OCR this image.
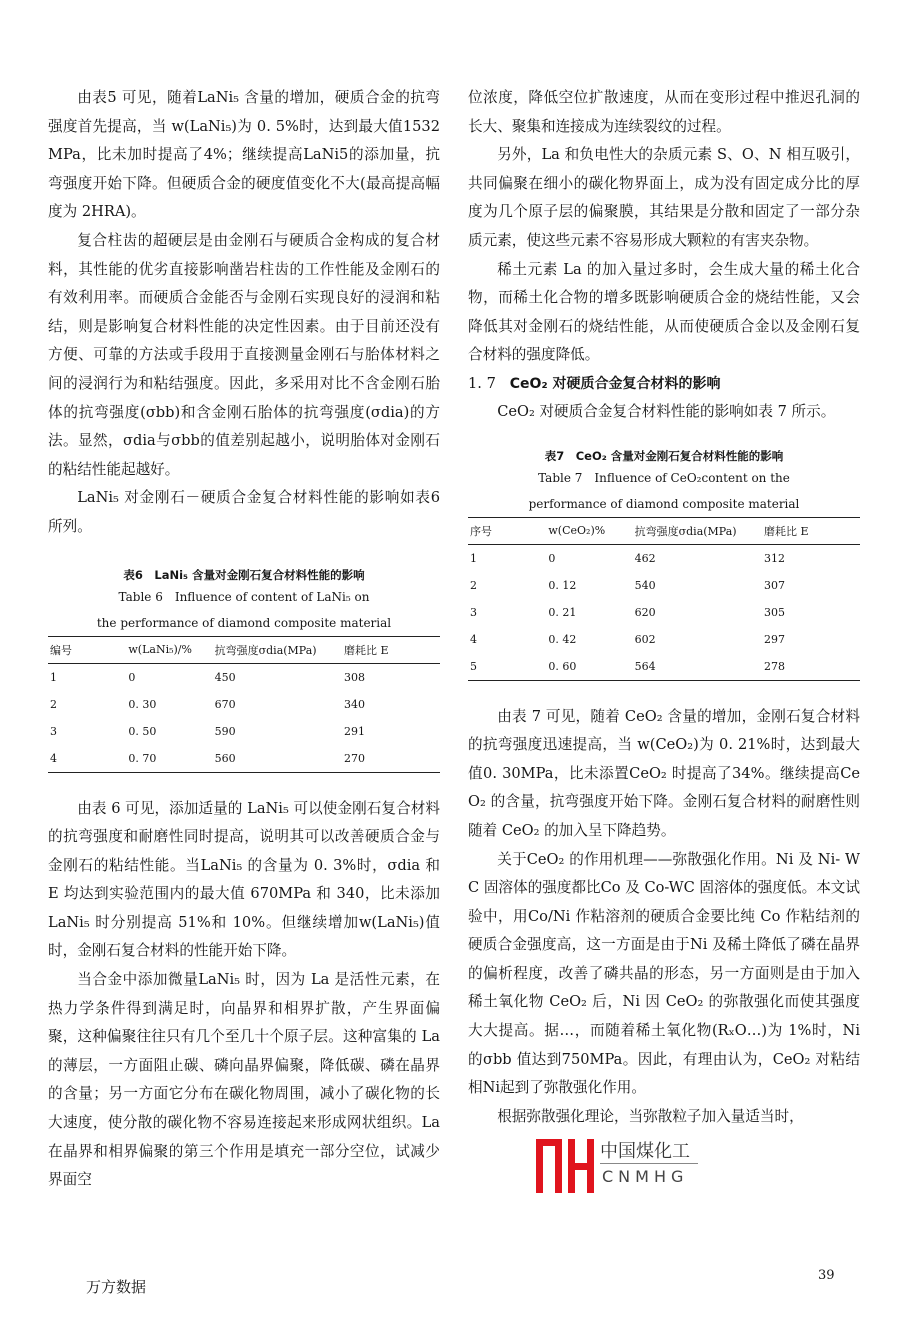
由表5 可见，随着LaNi₅ 含量的增加，硬质合金的抗弯强度首先提高，当 w(LaNi₅)为 0. 5%时，达到最大值1532MPa，比未加时提高了4%；继续提高LaNi5的添加量，抗弯强度开始下降。但硬质合金的硬度值变化不大(最高提高幅度为 2HRA)。

复合柱齿的超硬层是由金刚石与硬质合金构成的复合材料，其性能的优劣直接影响凿岩柱齿的工作性能及金刚石的有效利用率。而硬质合金能否与金刚石实现良好的浸润和粘结，则是影响复合材料性能的决定性因素。由于目前还没有方便、可靠的方法或手段用于直接测量金刚石与胎体材料之间的浸润行为和粘结强度。因此，多采用对比不含金刚石胎体的抗弯强度(σbb)和含金刚石胎体的抗弯强度(σdia)的方法。显然，σdia与σbb的值差别起越小，说明胎体对金刚石的粘结性能起越好。

LaNi₅ 对金刚石－硬质合金复合材料性能的影响如表6 所列。

表6　LaNi₅ 含量对金刚石复合材料性能的影响

Table 6　Influence of content of LaNi₅ on

the performance of diamond composite material

编号	w(LaNi₅)/%	抗弯强度σdia(MPa)	磨耗比 E
1	0	450	308
2	0. 30	670	340
3	0. 50	590	291
4	0. 70	560	270

由表 6 可见，添加适量的 LaNi₅ 可以使金刚石复合材料的抗弯强度和耐磨性同时提高，说明其可以改善硬质合金与金刚石的粘结性能。当LaNi₅ 的含量为 0. 3%时，σdia 和 E 均达到实验范围内的最大值 670MPa 和 340，比未添加 LaNi₅ 时分别提高 51%和 10%。但继续增加w(LaNi₅)值时，金刚石复合材料的性能开始下降。

当合金中添加微量LaNi₅ 时，因为 La 是活性元素，在热力学条件得到满足时，向晶界和相界扩散，产生界面偏聚，这种偏聚往往只有几个至几十个原子层。这种富集的 La 的薄层，一方面阻止碳、磷向晶界偏聚，降低碳、磷在晶界的含量；另一方面它分布在碳化物周围，减小了碳化物的长大速度，使分散的碳化物不容易连接起来形成网状组织。La 在晶界和相界偏聚的第三个作用是填充一部分空位，试减少界面空

位浓度，降低空位扩散速度，从而在变形过程中推迟孔洞的长大、聚集和连接成为连续裂纹的过程。

另外，La 和负电性大的杂质元素 S、O、N 相互吸引，共同偏聚在细小的碳化物界面上，成为没有固定成分比的厚度为几个原子层的偏聚膜，其结果是分散和固定了一部分杂质元素，使这些元素不容易形成大颗粒的有害夹杂物。

稀土元素 La 的加入量过多时，会生成大量的稀土化合物，而稀土化合物的增多既影响硬质合金的烧结性能，又会降低其对金刚石的烧结性能，从而使硬质合金以及金刚石复合材料的强度降低。

1. 7 CeO₂ 对硬质合金复合材料的影响

CeO₂ 对硬质合金复合材料性能的影响如表 7 所示。

表7　CeO₂ 含量对金刚石复合材料性能的影响

Table 7　Influence of CeO₂content on the

performance of diamond composite material

序号	w(CeO₂)%	抗弯强度σdia(MPa)	磨耗比 E
1	0	462	312
2	0. 12	540	307
3	0. 21	620	305
4	0. 42	602	297
5	0. 60	564	278

由表 7 可见，随着 CeO₂ 含量的增加，金刚石复合材料的抗弯强度迅速提高，当 w(CeO₂)为 0. 21%时，达到最大值0. 30MPa，比未添置CeO₂ 时提高了34%。继续提高CeO₂ 的含量，抗弯强度开始下降。金刚石复合材料的耐磨性则随着 CeO₂ 的加入呈下降趋势。

关于CeO₂ 的作用机理——弥散强化作用。Ni 及 Ni- WC 固溶体的强度都比Co 及 Co-WC 固溶体的强度低。本文试验中，用Co/Ni 作粘溶剂的硬质合金要比纯 Co 作粘结剂的硬质合金强度高，这一方面是由于Ni 及稀土降低了磷在晶界的偏析程度，改善了磷共晶的形态，另一方面则是由于加入稀土氧化物 CeO₂ 后，Ni 因 CeO₂ 的弥散强化而使其强度大大提高。据…，而随着稀土氧化物(RₓO…)为 1%时，Ni 的σbb 值达到750MPa。因此，有理由认为，CeO₂ 对粘结相Ni起到了弥散强化作用。

根据弥散强化理论，当弥散粒子加入量适当时，

中国煤化工
CNMHG
39
万方数据
